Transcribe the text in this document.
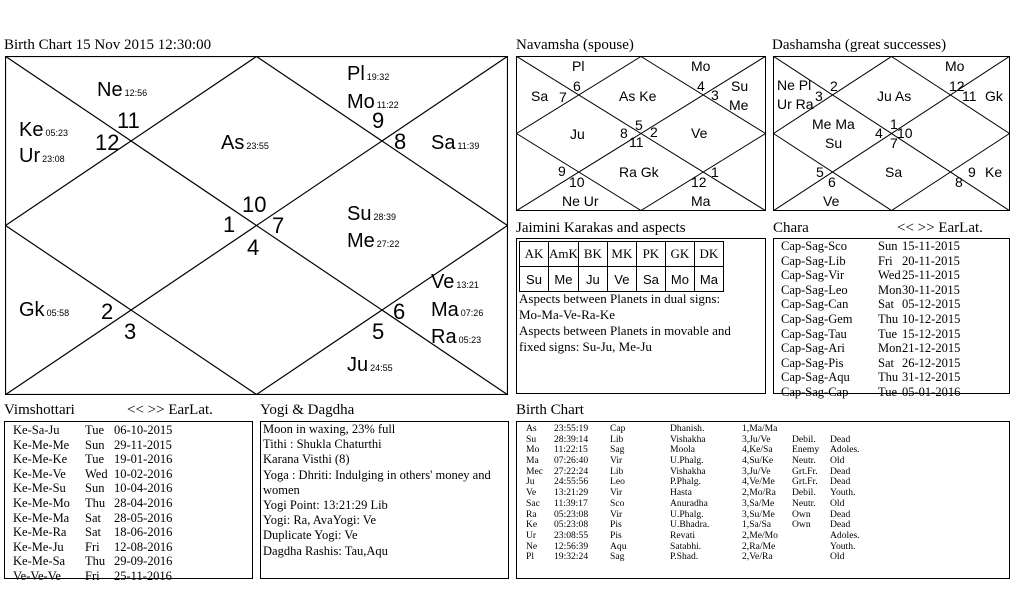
Birth Chart 15 Nov 2015 12:30:00
1
2
3
4
5
6
7
8
9
10
11
12
Pl 19:32
Mo 11:22
Ne 12:56
Ke 05:23
Ur 23:08
As 23:55	Sa 11:39
Su 28:39
Me 27:22
Ve 13:21
Ma 07:26
Ra 05:23
Gk 05:58
Ju 24:55
Navamsha (spouse)
Pl	Mo
Sa 7
6
As Ke
4
3
Su
Me
5
Ju	8 2
11
Ve
9
10
Ra Gk
12
1
Ne Ur	Ma
Dashamsha (great successes)
Ne Pl 2
3
Ur Ra
Mo
12
11 Gk
Ju As
Me Ma
Su
1
4 10
7
Sa
5
6
Ve
8
9 Ke
Jaimini Karakas and aspects
AK	AmK	BK	MK	PK	GK	DK
Su	Me	Ju	Ve	Sa	Mo	Ma
Aspects between Planets in dual signs:
Mo-Ma-Ve-Ra-Ke
Aspects between Planets in movable and
fixed signs: Su-Ju, Me-Ju
Chara	<< >> EarLat.
Cap-Sag-Sco Sun 15-11-2015
Cap-Sag-Lib	Fri 20-11-2015
Cap-Sag-Vir	Wed25-11-2015
Cap-Sag-Leo Mon30-11-2015
Cap-Sag-Can Sat 05-12-2015
Cap-Sag-Gem Thu 10-12-2015
Cap-Sag-Tau Tue 15-12-2015
Cap-Sag-Ari	Mon21-12-2015
Cap-Sag-Pis	Sat 26-12-2015
Cap-Sag-Aqu Thu 31-12-2015
Cap-Sag-Cap Tue 05-01-2016
Vimshottari	<< >> EarLat.
Ke-Sa-Ju Tue 06-10-2015
Ke-Me-Me Sun 29-11-2015
Ke-Me-Ke Tue 19-01-2016
Ke-Me-Ve Wed 10-02-2016
Ke-Me-Su Sun 10-04-2016
Ke-Me-Mo Thu 28-04-2016
Ke-Me-Ma Sat 28-05-2016
Ke-Me-Ra Sat 18-06-2016
Ke-Me-Ju Fri 12-08-2016
Ke-Me-Sa Thu 29-09-2016
Ve-Ve-Ve Fri 25-11-2016
Yogi & Dagdha
Moon in waxing, 23% full
Tithi : Shukla Chaturthi
Karana Visthi (8)
Yoga : Dhriti: Indulging in others' money and
women
Yogi Point: 13:21:29 Lib
Yogi: Ra, AvaYogi: Ve
Duplicate Yogi: Ve
Dagdha Rashis: Tau,Aqu
Birth Chart
As 23:55:19 Cap	Dhanish.	1,Ma/Ma
Su 28:39:14 Lib	Vishakha	3,Ju/Ve Debil. Dead
Mo 11:22:15 Sag	Moola	4,Ke/Sa Enemy Adoles.
Ma 07:26:40 Vir	U.Phalg.	4,Su/Ke Neutr. Old
Mec 27:22:24 Lib	Vishakha	3,Ju/Ve Grt.Fr. Dead
Ju 24:55:56 Leo	P.Phalg.	4,Ve/Me Grt.Fr. Dead
Ve 13:21:29 Vir	Hasta	2,Mo/Ra Debil. Youth.
Sac 11:39:17 Sco	Anuradha	3,Sa/Me Neutr. Old
Ra 05:23:08 Vir	U.Phalg.	3,Su/Me Own Dead
Ke 05:23:08 Pis	U.Bhadra.	1,Sa/Sa Own Dead
Ur 23:08:55 Pis	Revati	2,Me/Mo	Adoles.
Ne 12:56:39 Aqu	Satabhi.	2,Ra/Me	Youth.
Pl 19:32:24 Sag	P.Shad.	2,Ve/Ra	Old
